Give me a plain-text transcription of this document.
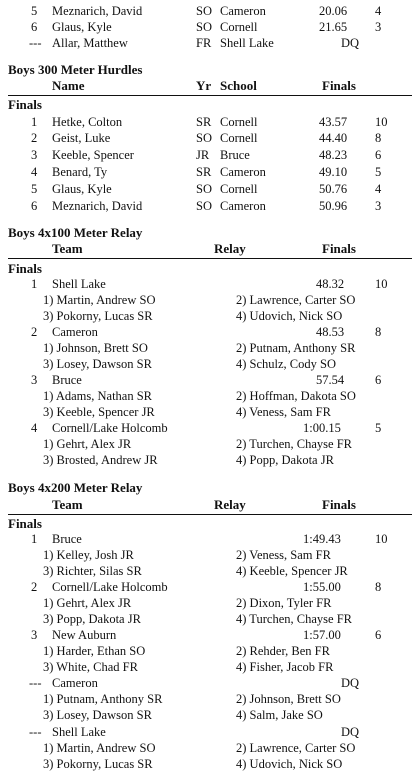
5 Meznarich, David	SO Cameron	20.06 4
6 Glaus, Kyle	SO Cornell	21.65 3
--- Allar, Matthew	FR Shell Lake	DQ
Boys 300 Meter Hurdles
Name	Yr School	Finals
Finals
1 Hetke, Colton	SR Cornell	43.57 10
2 Geist, Luke	SO Cornell	44.40 8
3 Keeble, Spencer	JR Bruce	48.23 6
4 Benard, Ty	SR Cameron	49.10 5
5 Glaus, Kyle	SO Cornell	50.76 4
6 Meznarich, David	SO Cameron	50.96 3
Boys 4x100 Meter Relay
Team	Relay	Finals
Finals
1 Shell Lake	48.32 10
1) Martin, Andrew SO	2) Lawrence, Carter SO
3) Pokorny, Lucas SR	4) Udovich, Nick SO
2 Cameron	48.53 8
1) Johnson, Brett SO	2) Putnam, Anthony SR
3) Losey, Dawson SR	4) Schulz, Cody SO
3 Bruce	57.54 6
1) Adams, Nathan SR	2) Hoffman, Dakota SO
3) Keeble, Spencer JR	4) Veness, Sam FR
4 Cornell/Lake Holcomb	1:00.15	5
1) Gehrt, Alex JR	2) Turchen, Chayse FR
3) Brosted, Andrew JR	4) Popp, Dakota JR
Boys 4x200 Meter Relay
Team	Relay	Finals
Finals
1 Bruce	1:49.43	10
1) Kelley, Josh JR	2) Veness, Sam FR
3) Richter, Silas SR	4) Keeble, Spencer JR
2 Cornell/Lake Holcomb	1:55.00	8
1) Gehrt, Alex JR	2) Dixon, Tyler FR
3) Popp, Dakota JR	4) Turchen, Chayse FR
3 New Auburn	1:57.00	6
1) Harder, Ethan SO	2) Rehder, Ben FR
3) White, Chad FR	4) Fisher, Jacob FR
--- Cameron	DQ
1) Putnam, Anthony SR	2) Johnson, Brett SO
3) Losey, Dawson SR	4) Salm, Jake SO
--- Shell Lake	DQ
1) Martin, Andrew SO	2) Lawrence, Carter SO
3) Pokorny, Lucas SR	4) Udovich, Nick SO
